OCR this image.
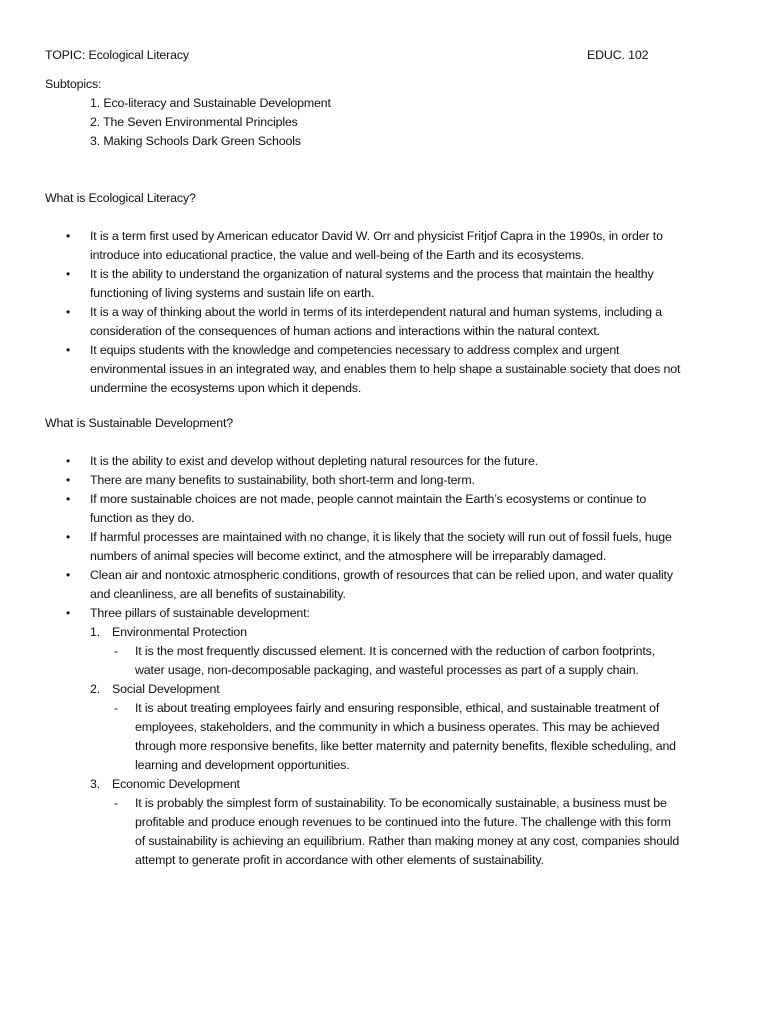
TOPIC: Ecological Literacy	EDUC. 102
Subtopics:
1. Eco-literacy and Sustainable Development
2. The Seven Environmental Principles
3. Making Schools Dark Green Schools
What is Ecological Literacy?
• It is a term first used by American educator David W. Orr and physicist Fritjof Capra in the 1990s, in order to
introduce into educational practice, the value and well-being of the Earth and its ecosystems.
• It is the ability to understand the organization of natural systems and the process that maintain the healthy
functioning of living systems and sustain life on earth.
• It is a way of thinking about the world in terms of its interdependent natural and human systems, including a
consideration of the consequences of human actions and interactions within the natural context.
• It equips students with the knowledge and competencies necessary to address complex and urgent
environmental issues in an integrated way, and enables them to help shape a sustainable society that does not
undermine the ecosystems upon which it depends.
What is Sustainable Development?
• It is the ability to exist and develop without depleting natural resources for the future.
• There are many benefits to sustainability, both short-term and long-term.
• If more sustainable choices are not made, people cannot maintain the Earth’s ecosystems or continue to
function as they do.
• If harmful processes are maintained with no change, it is likely that the society will run out of fossil fuels, huge
numbers of animal species will become extinct, and the atmosphere will be irreparably damaged.
• Clean air and nontoxic atmospheric conditions, growth of resources that can be relied upon, and water quality
and cleanliness, are all benefits of sustainability.
• Three pillars of sustainable development:
1. Environmental Protection
- It is the most frequently discussed element. It is concerned with the reduction of carbon footprints,
water usage, non-decomposable packaging, and wasteful processes as part of a supply chain.
2. Social Development
- It is about treating employees fairly and ensuring responsible, ethical, and sustainable treatment of
employees, stakeholders, and the community in which a business operates. This may be achieved
through more responsive benefits, like better maternity and paternity benefits, flexible scheduling, and
learning and development opportunities.
3. Economic Development
- It is probably the simplest form of sustainability. To be economically sustainable, a business must be
profitable and produce enough revenues to be continued into the future. The challenge with this form
of sustainability is achieving an equilibrium. Rather than making money at any cost, companies should
attempt to generate profit in accordance with other elements of sustainability.
